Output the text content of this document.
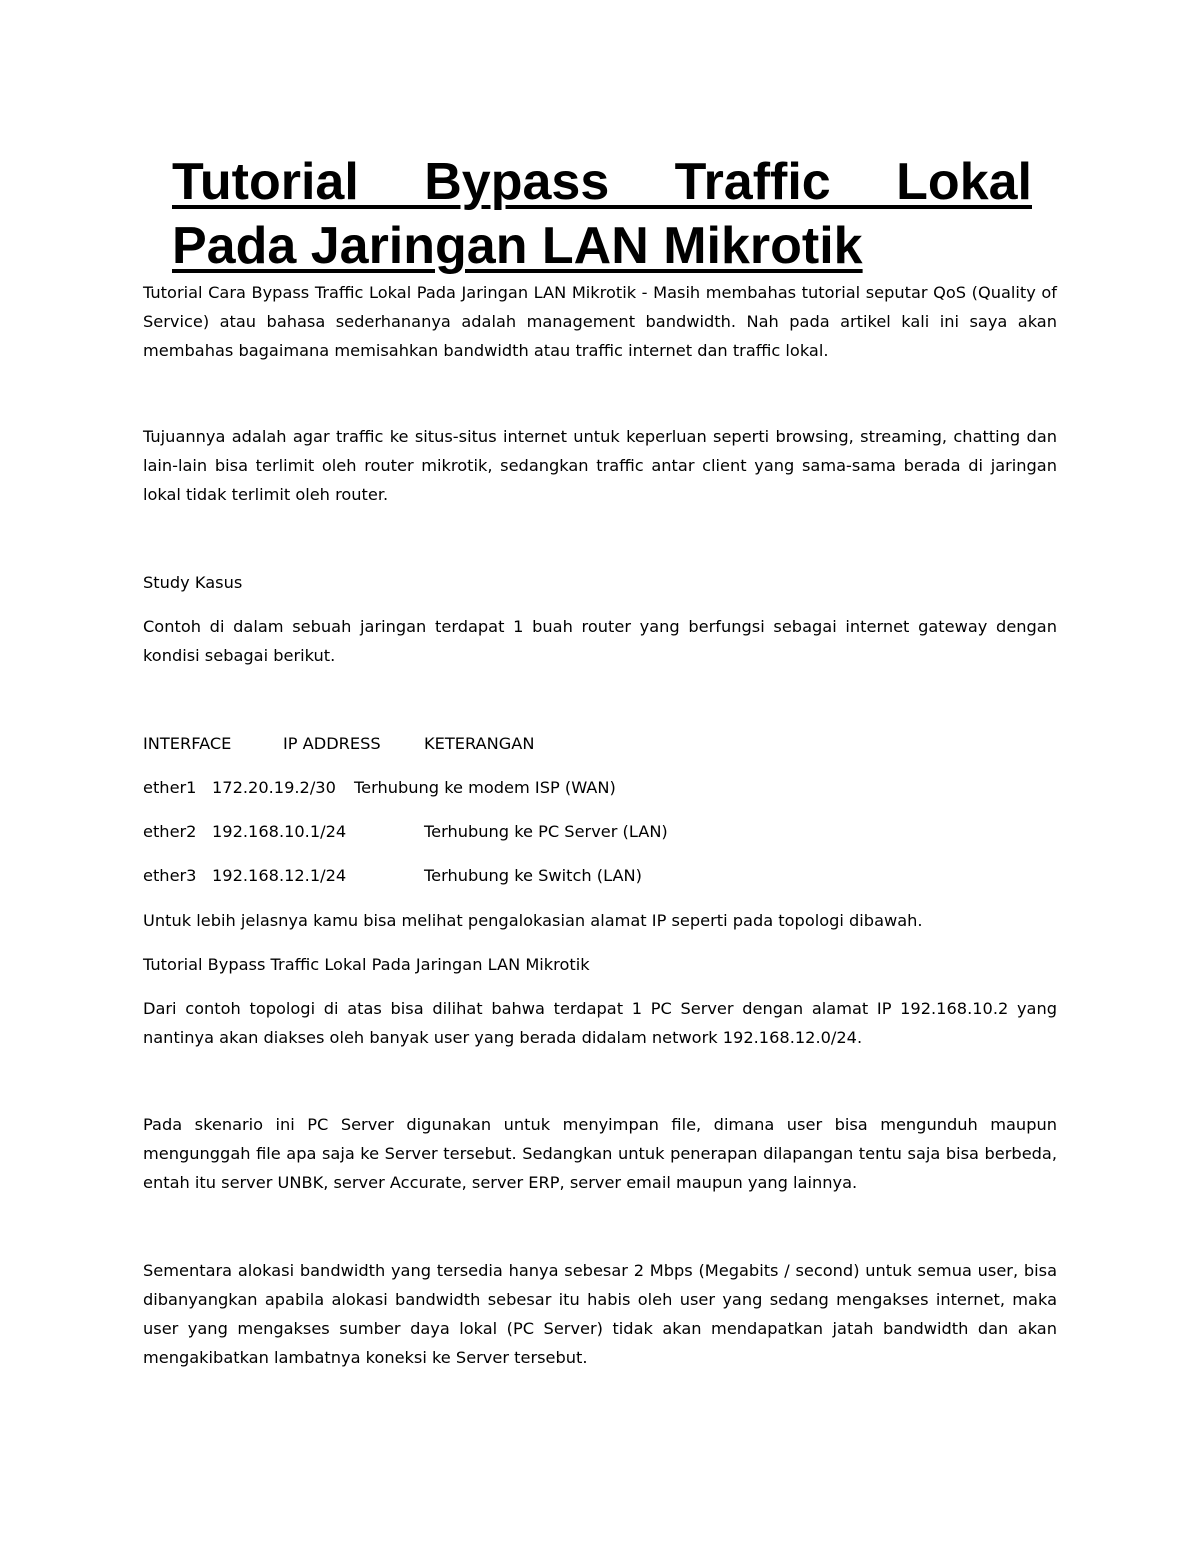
Tutorial Bypass Traffic Lokal
Pada Jaringan LAN Mikrotik

Tutorial Cara Bypass Traffic Lokal Pada Jaringan LAN Mikrotik - Masih membahas tutorial seputar QoS (Quality of Service) atau bahasa sederhananya adalah management bandwidth. Nah pada artikel kali ini saya akan membahas bagaimana memisahkan bandwidth atau traffic internet dan traffic lokal.

Tujuannya adalah agar traffic ke situs-situs internet untuk keperluan seperti browsing, streaming, chatting dan lain-lain bisa terlimit oleh router mikrotik, sedangkan traffic antar client yang sama-sama berada di jaringan lokal tidak terlimit oleh router.

Study Kasus

Contoh di dalam sebuah jaringan terdapat 1 buah router yang berfungsi sebagai internet gateway dengan kondisi sebagai berikut.

INTERFACE	IP ADDRESS	KETERANGAN

ether1 172.20.19.2/30 Terhubung ke modem ISP (WAN)

ether2 192.168.10.1/24	Terhubung ke PC Server (LAN)

ether3 192.168.12.1/24	Terhubung ke Switch (LAN)

Untuk lebih jelasnya kamu bisa melihat pengalokasian alamat IP seperti pada topologi dibawah.

Tutorial Bypass Traffic Lokal Pada Jaringan LAN Mikrotik

Dari contoh topologi di atas bisa dilihat bahwa terdapat 1 PC Server dengan alamat IP 192.168.10.2 yang nantinya akan diakses oleh banyak user yang berada didalam network 192.168.12.0/24.

Pada skenario ini PC Server digunakan untuk menyimpan file, dimana user bisa mengunduh maupun mengunggah file apa saja ke Server tersebut. Sedangkan untuk penerapan dilapangan tentu saja bisa berbeda, entah itu server UNBK, server Accurate, server ERP, server email maupun yang lainnya.

Sementara alokasi bandwidth yang tersedia hanya sebesar 2 Mbps (Megabits / second) untuk semua user, bisa dibanyangkan apabila alokasi bandwidth sebesar itu habis oleh user yang sedang mengakses internet, maka user yang mengakses sumber daya lokal (PC Server) tidak akan mendapatkan jatah bandwidth dan akan mengakibatkan lambatnya koneksi ke Server tersebut.
